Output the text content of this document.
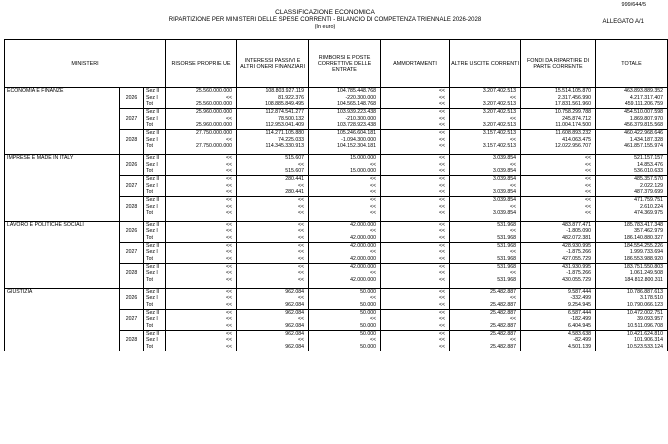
999/644/5
CLASSIFICAZIONE ECONOMICA
RIPARTIZIONE PER MINISTERI DELLE SPESE CORRENTI - BILANCIO DI COMPETENZA TRIENNALE 2026-2028
(In euro)
ALLEGATO A/1
MINISTERI			RISORSE PROPRIE UE	INTERESSI PASSIVI E ALTRI ONERI FINANZIARI	RIMBORSI E POSTE CORRETTIVE DELLE ENTRATE	AMMORTAMENTI	ALTRE USCITE CORRENTI	FONDI DA RIPARTIRE DI PARTE CORRENTE	TOTALE
ECONOMIA E FINANZE		Sez II	25.560.000.000	108.803.927.119	104.785.448.768	<<	3.207.402.513	15.514.105.870	463.893.889.352
	2026	Sez I	<<	81.922.376	-220.300.000	<<	<<	2.317.456.990	4.217.317.407
		Tot	25.560.000.000	108.885.849.495	104.565.148.768	<<	3.207.402.513	17.831.561.960	459.111.206.759
		Sez II	25.960.000.000	112.874.541.277	103.939.223.438	<<	3.207.402.513	10.758.299.788	454.510.007.598
	2027	Sez I	<<	78.500.132	-210.300.000	<<	<<	245.874.712	1.869.807.970
		Tot	25.960.000.000	112.953.041.409	103.728.923.438	<<	3.207.402.513	11.004.174.500	456.379.815.568
		Sez II	27.750.000.000	114.271.105.880	105.246.604.181	<<	3.157.402.513	11.608.893.232	460.422.968.646
	2028	Sez I	<<	74.225.033	-1.094.300.000	<<	<<	414.063.475	1.434.187.328
		Tot	27.750.000.000	114.345.330.913	104.152.304.181	<<	3.157.402.513	12.022.956.707	461.857.155.974

IMPRESE E MADE IN ITALY		Sez II	<<	515.607	15.000.000	<<	3.039.854	<<	521.157.157
	2026	Sez I	<<	<<	<<	<<	<<	<<	14.853.476
		Tot	<<	515.607	15.000.000	<<	3.039.854	<<	536.010.633
		Sez II	<<	280.441	<<	<<	3.039.854	<<	485.357.570
	2027	Sez I	<<	<<	<<	<<	<<	<<	2.022.129
		Tot	<<	280.441	<<	<<	3.039.854	<<	487.379.699
		Sez II	<<	<<	<<	<<	3.039.854	<<	471.759.751
	2028	Sez I	<<	<<	<<	<<	<<	<<	2.610.224
		Tot	<<	<<	<<	<<	3.039.854	<<	474.369.975

LAVORO E POLITICHE SOCIALI		Sez II	<<	<<	42.000.000	<<	531.968	483.877.471	185.783.417.348
	2026	Sez I	<<	<<	<<	<<	<<	-1.805.090	357.462.979
		Tot	<<	<<	42.000.000	<<	531.968	482.072.381	186.140.880.327
		Sez II	<<	<<	42.000.000	<<	531.968	428.930.995	184.554.255.226
	2027	Sez I	<<	<<	<<	<<	<<	-1.875.266	1.999.733.694
		Tot	<<	<<	42.000.000	<<	531.968	427.055.729	186.553.988.920
		Sez II	<<	<<	42.000.000	<<	531.968	431.930.995	183.751.550.803
	2028	Sez I	<<	<<	<<	<<	<<	-1.875.266	1.061.249.508
		Tot	<<	<<	42.000.000	<<	531.968	430.055.729	184.812.800.311

GIUSTIZIA		Sez II	<<	962.084	50.000	<<	25.482.887	9.587.444	10.786.887.613
	2026	Sez I	<<	<<	<<	<<	<<	-332.499	3.178.510
		Tot	<<	962.084	50.000	<<	25.482.887	9.254.945	10.790.066.123
		Sez II	<<	962.084	50.000	<<	25.482.887	6.587.444	10.472.002.751
	2027	Sez I	<<	<<	<<	<<	<<	-182.499	39.093.957
		Tot	<<	962.084	50.000	<<	25.482.887	6.404.945	10.511.096.708
		Sez II	<<	962.084	50.000	<<	25.482.887	4.583.638	10.421.624.810
	2028	Sez I	<<	<<	<<	<<	<<	-82.499	101.906.314
		Tot	<<	962.084	50.000	<<	25.482.887	4.501.139	10.523.533.124
